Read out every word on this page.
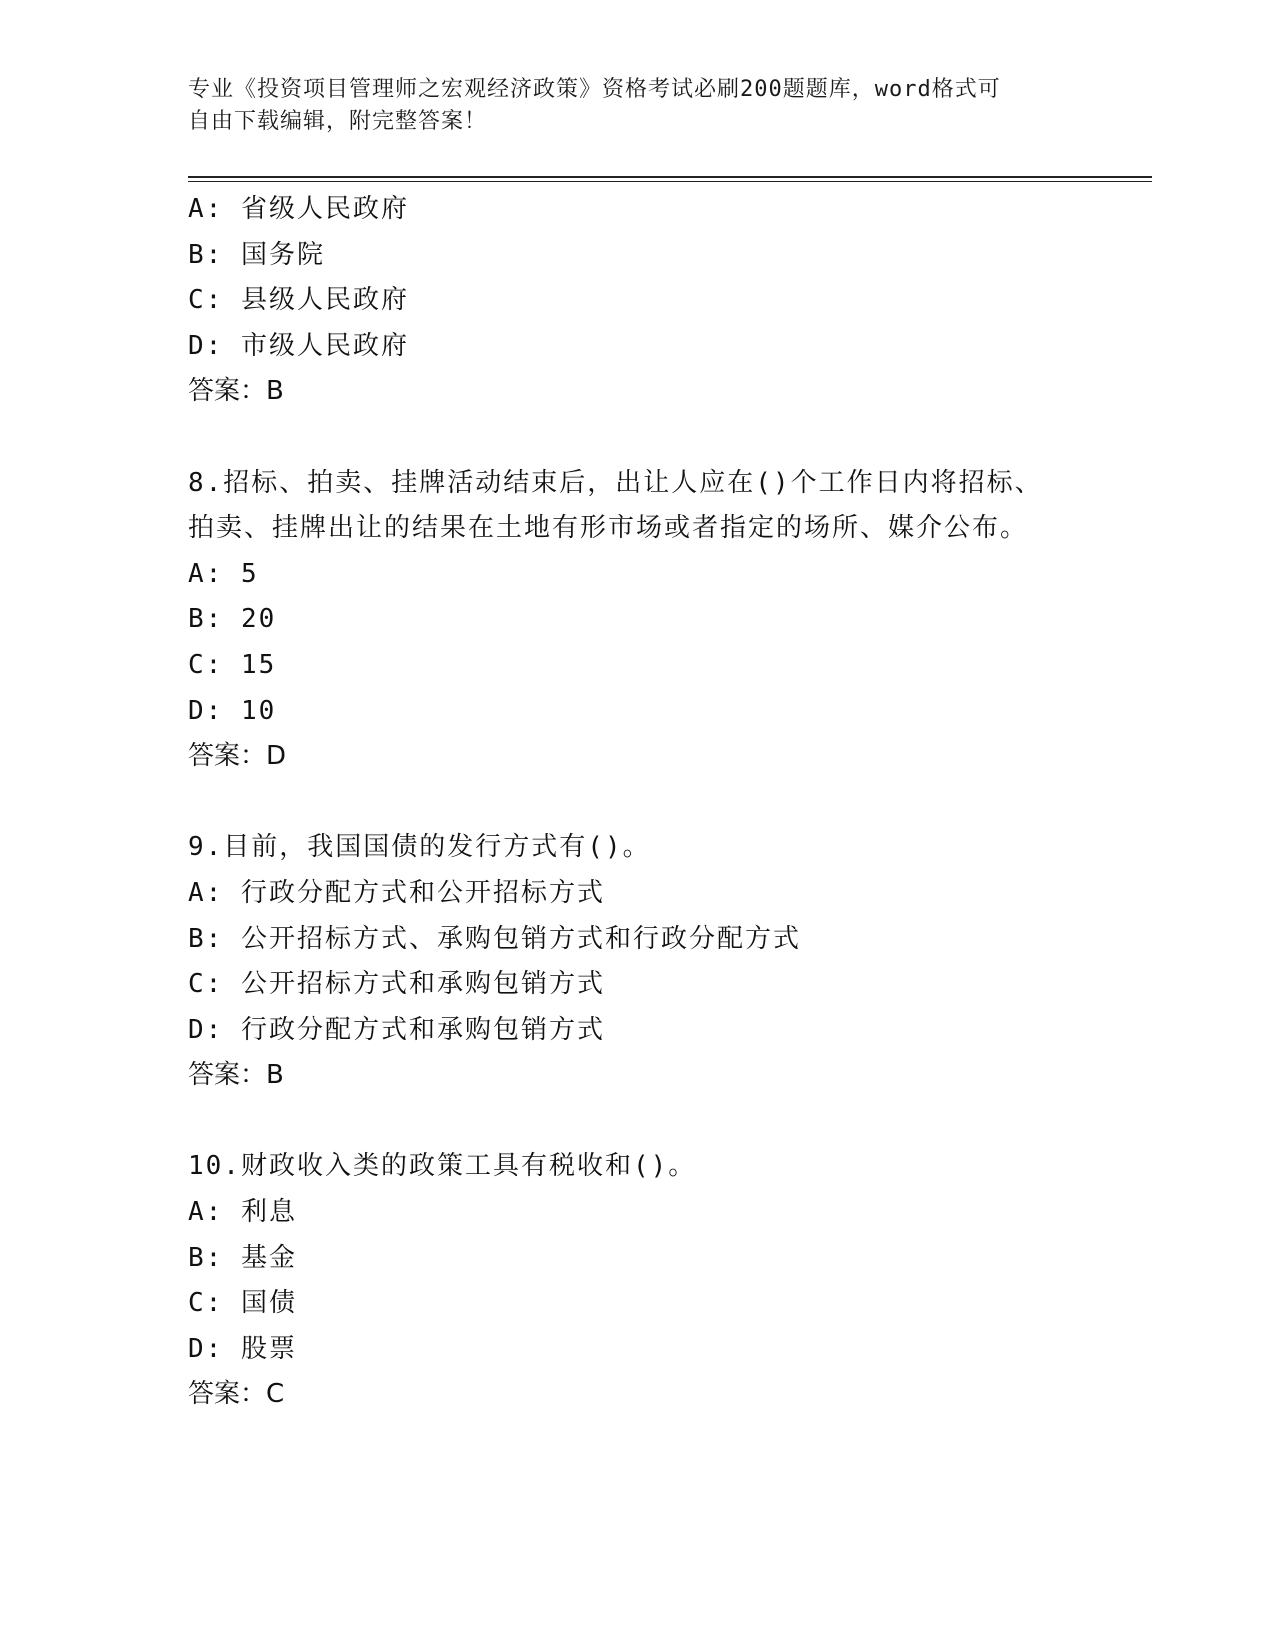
专业《投资项目管理师之宏观经济政策》资格考试必刷200题题库，word格式可
自由下载编辑，附完整答案！
A: 省级人民政府
B: 国务院
C: 县级人民政府
D: 市级人民政府
答案：B
8.招标、拍卖、挂牌活动结束后，出让人应在()个工作日内将招标、
拍卖、挂牌出让的结果在土地有形市场或者指定的场所、媒介公布。
A: 5
B: 20
C: 15
D: 10
答案：D
9.目前，我国国债的发行方式有()。
A: 行政分配方式和公开招标方式
B: 公开招标方式、承购包销方式和行政分配方式
C: 公开招标方式和承购包销方式
D: 行政分配方式和承购包销方式
答案：B
10.财政收入类的政策工具有税收和()。
A: 利息
B: 基金
C: 国债
D: 股票
答案：C
